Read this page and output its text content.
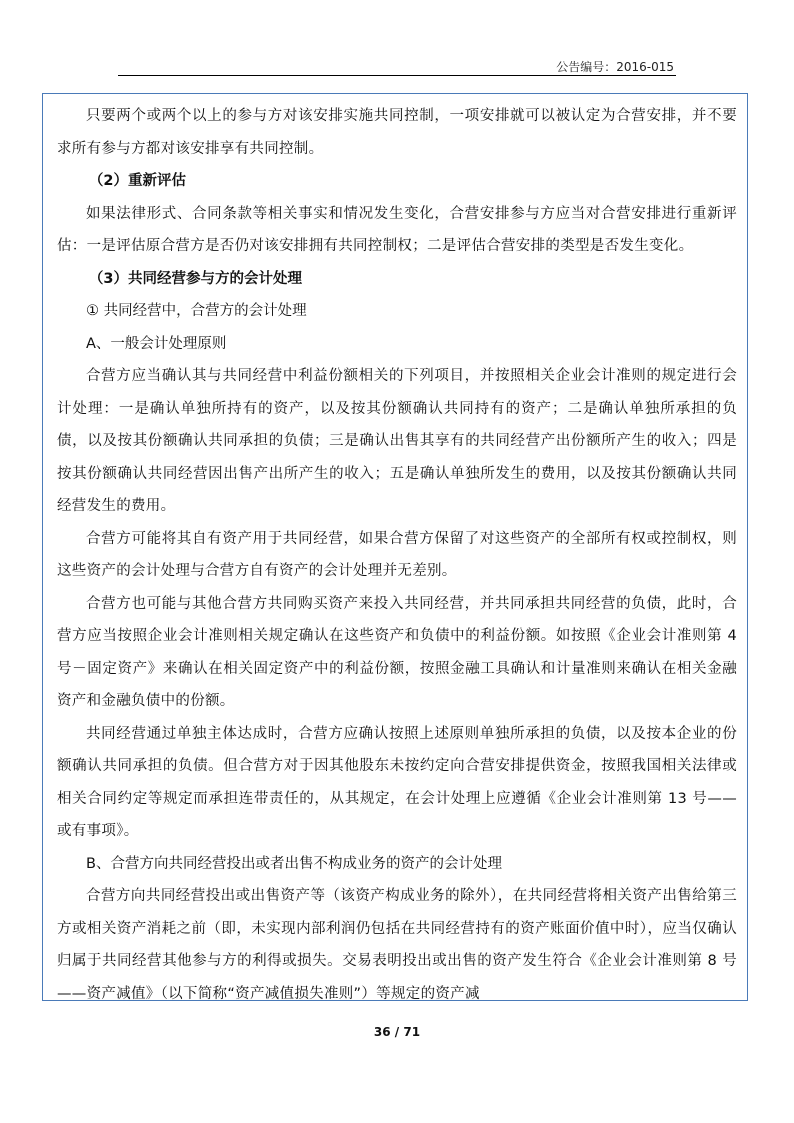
公告编号：2016-015

只要两个或两个以上的参与方对该安排实施共同控制，一项安排就可以被认定为合营安排，并不要求所有参与方都对该安排享有共同控制。

（2）重新评估

如果法律形式、合同条款等相关事实和情况发生变化，合营安排参与方应当对合营安排进行重新评估：一是评估原合营方是否仍对该安排拥有共同控制权；二是评估合营安排的类型是否发生变化。

（3）共同经营参与方的会计处理

① 共同经营中，合营方的会计处理

A、一般会计处理原则

合营方应当确认其与共同经营中利益份额相关的下列项目，并按照相关企业会计准则的规定进行会计处理：一是确认单独所持有的资产，以及按其份额确认共同持有的资产；二是确认单独所承担的负债，以及按其份额确认共同承担的负债；三是确认出售其享有的共同经营产出份额所产生的收入；四是按其份额确认共同经营因出售产出所产生的收入；五是确认单独所发生的费用，以及按其份额确认共同经营发生的费用。

合营方可能将其自有资产用于共同经营，如果合营方保留了对这些资产的全部所有权或控制权，则这些资产的会计处理与合营方自有资产的会计处理并无差别。

合营方也可能与其他合营方共同购买资产来投入共同经营，并共同承担共同经营的负债，此时，合营方应当按照企业会计准则相关规定确认在这些资产和负债中的利益份额。如按照《企业会计准则第 4 号－固定资产》来确认在相关固定资产中的利益份额，按照金融工具确认和计量准则来确认在相关金融资产和金融负债中的份额。

共同经营通过单独主体达成时，合营方应确认按照上述原则单独所承担的负债，以及按本企业的份额确认共同承担的负债。但合营方对于因其他股东未按约定向合营安排提供资金，按照我国相关法律或相关合同约定等规定而承担连带责任的，从其规定，在会计处理上应遵循《企业会计准则第 13 号——或有事项》。

B、合营方向共同经营投出或者出售不构成业务的资产的会计处理

合营方向共同经营投出或出售资产等（该资产构成业务的除外），在共同经营将相关资产出售给第三方或相关资产消耗之前（即，未实现内部利润仍包括在共同经营持有的资产账面价值中时），应当仅确认归属于共同经营其他参与方的利得或损失。交易表明投出或出售的资产发生符合《企业会计准则第 8 号——资产减值》（以下简称“资产减值损失准则”）等规定的资产减

36 / 71
